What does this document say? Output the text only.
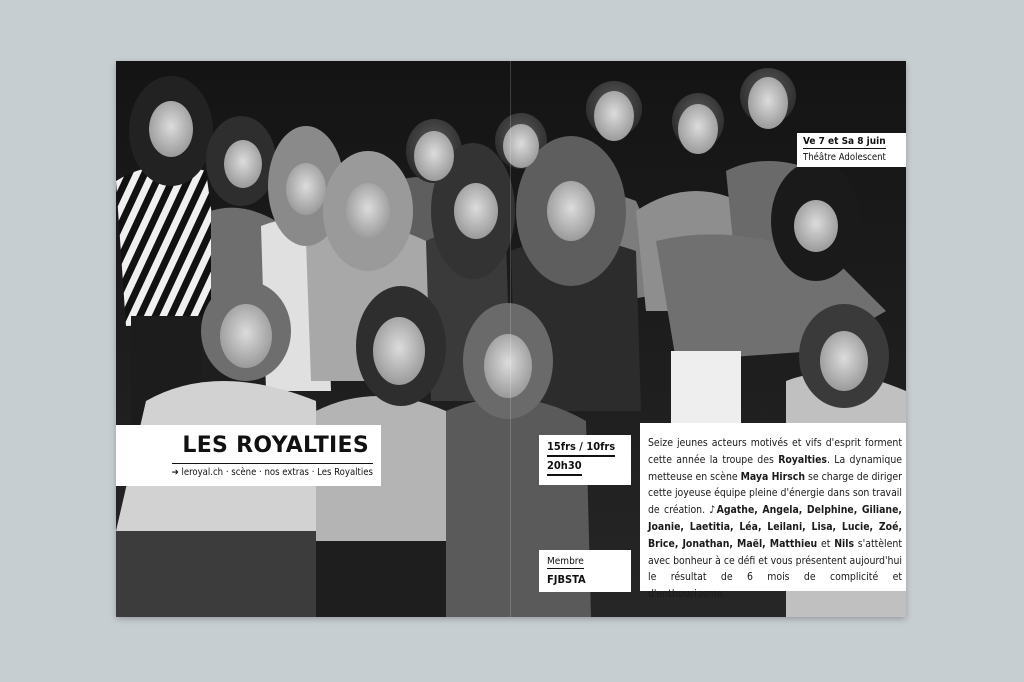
LES ROYALTIES
➔ leroyal.ch · scène · nos extras · Les Royalties
15frs / 10frs
20h30
Membre
FJBSTA
Ve 7 et Sa 8 juin
Théâtre Adolescent
Seize jeunes acteurs motivés et vifs d'esprit forment cette année la troupe des Royalties. La dynamique metteuse en scène Maya Hirsch se charge de diriger cette joyeuse équipe pleine d'énergie dans son travail de création. ♪Agathe, Angela, Delphine, Giliane, Joanie, Laetitia, Léa, Leilani, Lisa, Lucie, Zoé, Brice, Jonathan, Maël, Matthieu et Nils s'attèlent avec bonheur à ce défi et vous présentent aujourd'hui le résultat de 6 mois de complicité et d'enthousiasme.
